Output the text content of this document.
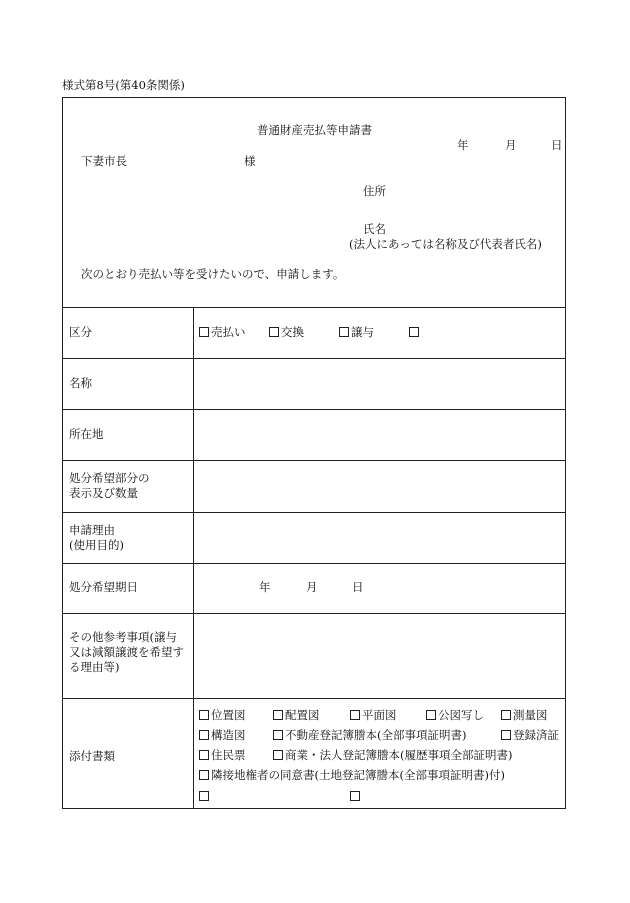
様式第8号(第40条関係)
普通財産売払等申請書
年	月	日
下妻市長	様
住所
氏名
(法人にあっては名称及び代表者氏名)
次のとおり売払い等を受けたいので、申請します。
区分	売払い	交換	譲与
名称
所在地
処分希望部分の
表示及び数量
申請理由
(使用目的)
処分希望期日	年	月	日
その他参考事項(譲与
又は減額譲渡を希望す
る理由等)
添付書類
位置図	配置図	平面図	公図写し	測量図
構造図	不動産登記簿謄本(全部事項証明書)	登録済証
住民票	商業・法人登記簿謄本(履歴事項全部証明書)
隣接地権者の同意書(土地登記簿謄本(全部事項証明書)付)
